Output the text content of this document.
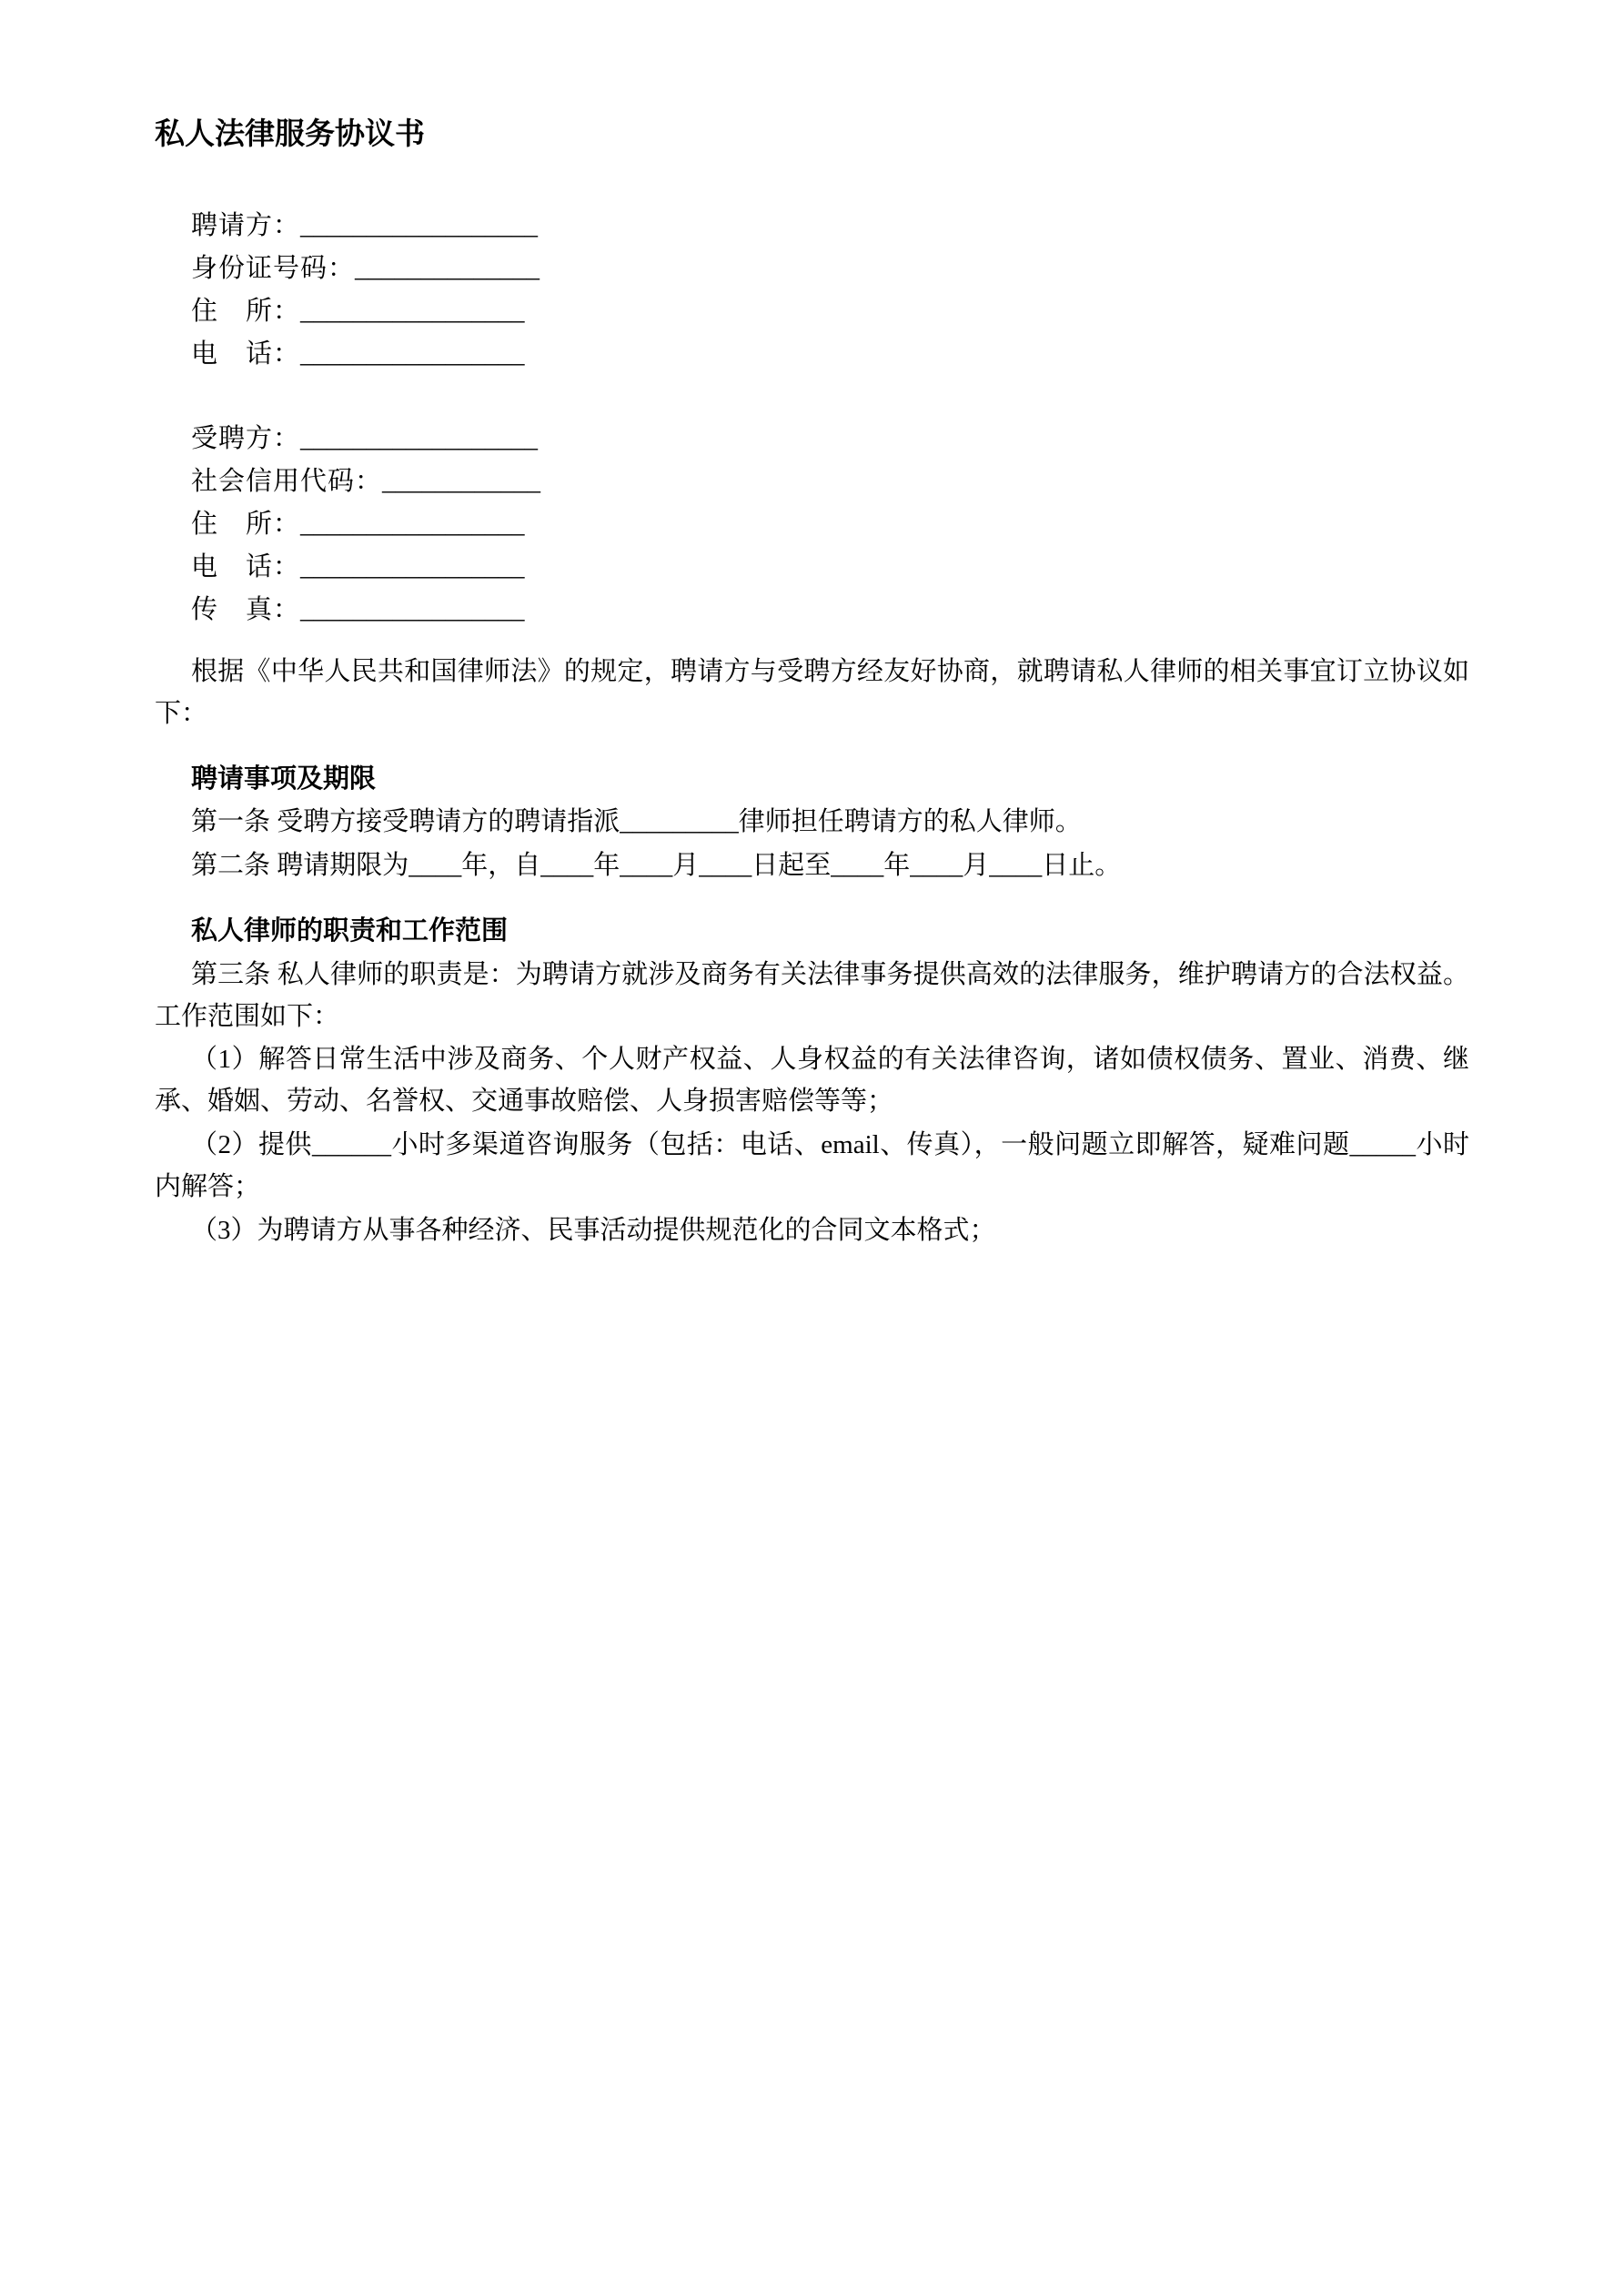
私人法律服务协议书
聘请方：__________________
身份证号码：______________
住　所：_________________
电　话：_________________
受聘方：__________________
社会信用代码：____________
住　所：_________________
电　话：_________________
传　真：_________________

根据《中华人民共和国律师法》的规定，聘请方与受聘方经友好协商，就聘请私人律师的相关事宜订立协议如下：

聘请事项及期限

第一条 受聘方接受聘请方的聘请指派_________律师担任聘请方的私人律师。

第二条 聘请期限为____年，自____年____月____日起至____年____月____日止。

私人律师的职责和工作范围

第三条 私人律师的职责是：为聘请方就涉及商务有关法律事务提供高效的法律服务，维护聘请方的合法权益。工作范围如下：

（1）解答日常生活中涉及商务、个人财产权益、人身权益的有关法律咨询，诸如债权债务、置业、消费、继承、婚姻、劳动、名誉权、交通事故赔偿、人身损害赔偿等等；

（2）提供______小时多渠道咨询服务（包括：电话、email、传真），一般问题立即解答，疑难问题_____小时内解答；

（3）为聘请方从事各种经济、民事活动提供规范化的合同文本格式；
